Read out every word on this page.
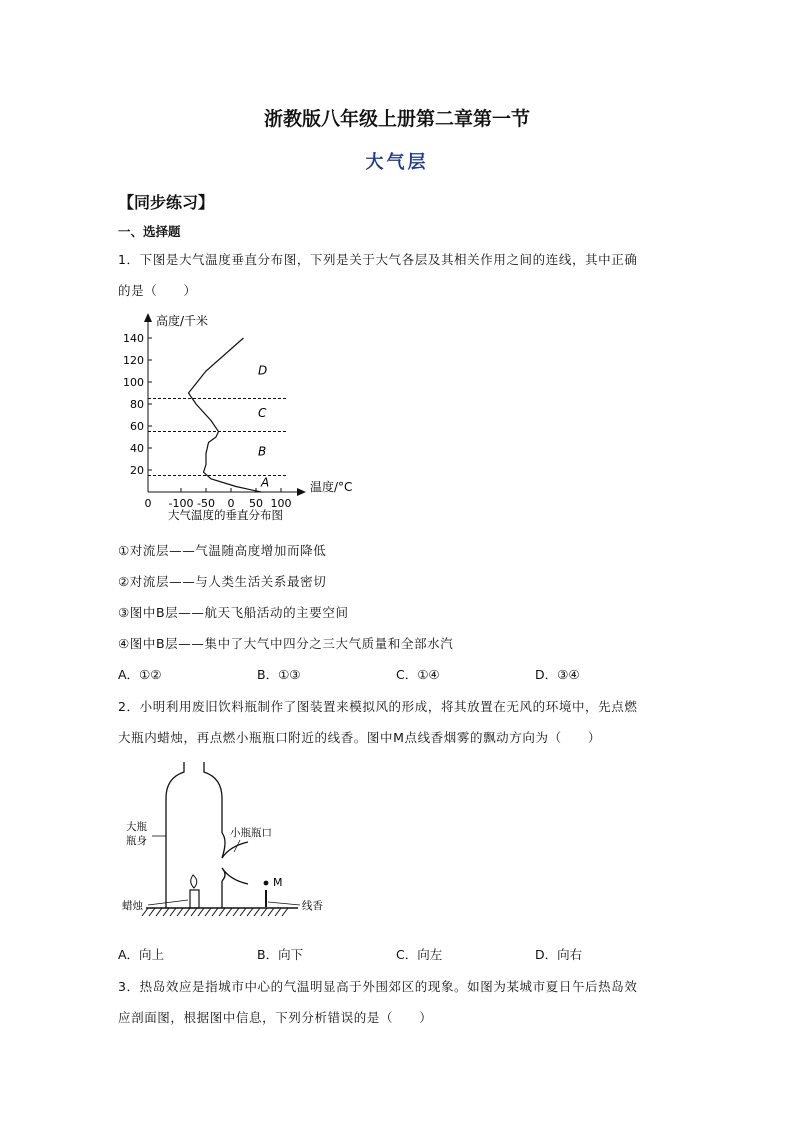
浙教版八年级上册第二章第一节
大气层
【同步练习】
一、选择题
1．下图是大气温度垂直分布图，下列是关于大气各层及其相关作用之间的连线，其中正确
的是（　　）
高度/千米
温度/°C
140
120
100
80
60
40
20
0 -100 -50 0 50 100
A
B
C
D
大气温度的垂直分布图
①对流层——气温随高度增加而降低
②对流层——与人类生活关系最密切
③图中B层——航天飞船活动的主要空间
④图中B层——集中了大气中四分之三大气质量和全部水汽
A．①②	B．①③	C．①④	D．③④
2．小明利用废旧饮料瓶制作了图装置来模拟风的形成，将其放置在无风的环境中，先点燃
大瓶内蜡烛，再点燃小瓶瓶口附近的线香。图中M点线香烟雾的飘动方向为（　　）
M
大瓶
瓶身
小瓶瓶口
蜡烛	线香
A．向上	B．向下	C．向左	D．向右
3．热岛效应是指城市中心的气温明显高于外围郊区的现象。如图为某城市夏日午后热岛效
应剖面图，根据图中信息，下列分析错误的是（　　）
